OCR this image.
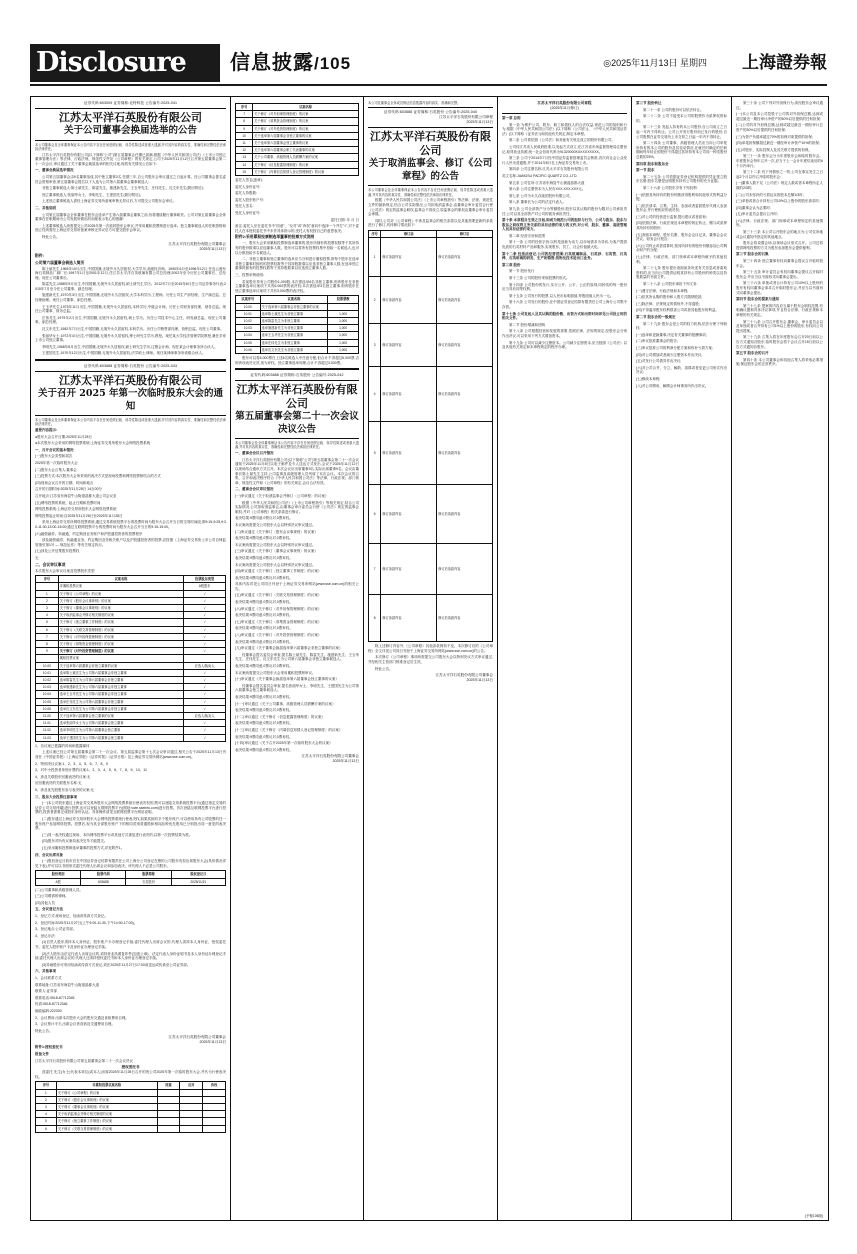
Disclosure	信息披露/105	◎2025年11月13日 星期四 上海證券報
证券代码:603009 证券简称:北特科技 公告编号:2025-041
江苏太平洋石英股份有限公司
关于公司董事会换届选举的公告

本公司董事会及全体董事保证本公告内容不存在任何虚假记载、误导性陈述或者重大遗漏,并对其内容的真实性、准确性和完整性依法承担法律责任。

江苏太平洋石英股份有限公司(以下简称"公司")第五届董事会任期已届满,根据《中华人民共和国公司法》《上市公司独立董事管理办法》等法律、行政法规、规范性文件及《公司章程》的有关规定,公司于2025年11月12日召开第五届董事会第二十一次会议,审议通过了关于董事会换届选举的相关议案,现将有关情况公告如下:

一、董事会换届选举情况

公司第五届董事会由9名董事组成,其中独立董事3名,任期三年,自公司股东会审议通过之日起计算。经公司董事会提名委员会资格审查,第五届董事会提名以下人选为公司第六届董事会董事候选人:

非独立董事候选人:陈士斌先生、陈雷先生、施建新先生、王玉华先生、庄伟先生、沈文东先生(简历附后);

独立董事候选人:张丽华女士、李明先生、王建国先生(简历附后)。

上述独立董事候选人需经上海证券交易所备案审核无异议后,方可提交公司股东会审议。

二、其他说明

公司第五届董事会全体董事在股东会选举产生第六届董事会董事之前,仍将继续履行董事职责。公司对第五届董事会全体董事在任职期间为公司发展所做出的贡献表示衷心的感谢!

上述董事候选人尚需提交公司2025年第一次临时股东会审议,并采用累积投票制进行选举。独立董事候选人的任职资格和独立性尚需经上海证券交易所备案审核无异议后方可提交股东会审议。

特此公告。

江苏太平洋石英股份有限公司董事会
2025年11月13日
附件:
公司第六届董事会候选人简历

陈士斌先生,1965年10月出生,中国国籍,无境外永久居留权,大学学历,高级经济师。1990年6月至1996年12月,任连云港东海石英制品厂副厂长;1997年1月至2001年12月,任江苏太平洋石英玻璃有限公司总经理;2002年至今历任公司董事长、总经理。现任公司董事长。

陈雷先生,1988年5月出生,中国国籍,无境外永久居留权,硕士研究生学历。2012年7月至2015年6月任公司证券事务代表;2015年7月至今任公司董事、副总经理。

施建新先生,1970年3月出生,中国国籍,无境外永久居留权,大学本科学历,工程师。历任公司生产部经理、生产副总监、总经理助理。现任公司董事、副总经理。

王玉华先生,1975年11月出生,中国国籍,无境外永久居留权,本科学历,中级会计师。历任公司财务部经理、财务总监。现任公司董事、财务总监。

庄伟先生,1979年2月出生,中国国籍,无境外永久居留权,硕士学历。历任公司技术中心主任、研发副总监。现任公司董事、副总经理。

沈文东先生,1982年7月出生,中国国籍,无境外永久居留权,本科学历。历任公司销售部经理、营销总监。现任公司董事。

张丽华女士,1972年4月出生,中国国籍,无境外永久居留权,博士研究生学历,教授。现任某大学经济管理学院教授,兼任多家上市公司独立董事。

李明先生,1968年8月出生,中国国籍,无境外永久居留权,硕士研究生学历,注册会计师。现任某会计师事务所合伙人。

王建国先生,1970年12月出生,中国国籍,无境外永久居留权,法学硕士,律师。现任某律师事务所高级合伙人。

证券代码:603688 证券简称:石英股份 公告编号:2025-043
江苏太平洋石英股份有限公司
关于召开 2025 年第一次临时股东大会的通知

本公司董事会及全体董事保证本公告内容不存在任何虚假记载、误导性陈述或者重大遗漏,并对其内容的真实性、准确性和完整性依法承担法律责任。

重要内容提示:

●股东大会召开日期:2025年11月28日

●本次股东大会采用的网络投票系统:上海证券交易所股东大会网络投票系统

一、召开会议的基本情况

(一)股东大会类型和届次

2025年第一次临时股东大会

(二)股东大会召集人:董事会

(三)投票方式:本次股东大会所采用的表决方式是现场投票和网络投票相结合的方式

(四)现场会议召开的日期、时间和地点

召开的日期时间:2025年11月28日 14点00分

召开地点:江苏省东海县牛山街道晶都大道公司会议室

(五)网络投票的系统、起止日期和投票时间

网络投票系统:上海证券交易所股东大会网络投票系统

网络投票起止时间:自2025年11月28日至2025年11月28日

采用上海证券交易所网络投票系统,通过交易系统投票平台的投票时间为股东大会召开当日的交易时间段,即9:15-9:25,9:30-11:30,13:00-15:00;通过互联网投票平台的投票时间为股东大会召开当日的9:15-15:00。

(六)融资融券、转融通、约定购回业务账户和沪股通投资者的投票程序

涉及融资融券、转融通业务、约定购回业务相关账户以及沪股通投资者的投票,应按照《上海证券交易所上市公司自律监管指引第1号 — 规范运作》等有关规定执行。

(七)涉及公开征集股东投票权

无

二、会议审议事项

本次股东大会审议议案及投票股东类型

序号	议案名称	投票股东类型
	非累积投票议案	A股股东
1	关于修订《公司章程》的议案	√
2	关于修订《股东会议事规则》的议案	√
3	关于修订《董事会议事规则》的议案	√
4	关于取消监事会并修订相关制度的议案	√
5	关于修订《独立董事工作制度》的议案	√
6	关于修订《关联交易管理制度》的议案	√
7	关于修订《对外担保管理制度》的议案	√
8	关于修订《募集资金管理制度》的议案	√
9	关于修订《对外投资管理制度》的议案	√
	累积投票议案	
10.00	关于选举第六届董事会非独立董事的议案	应选人数(6)人
10.01	选举陈士斌先生为公司第六届董事会非独立董事	√
10.02	选举陈雷先生为公司第六届董事会非独立董事	√
10.03	选举施建新先生为公司第六届董事会非独立董事	√
10.04	选举王玉华先生为公司第六届董事会非独立董事	√
10.05	选举庄伟先生为公司第六届董事会非独立董事	√
10.06	选举沈文东先生为公司第六届董事会非独立董事	√
11.00	关于选举第六届董事会独立董事的议案	应选人数(3)人
11.01	选举张丽华女士为公司第六届董事会独立董事	√
11.02	选举李明先生为公司第六届董事会独立董事	√
11.03	选举王建国先生为公司第六届董事会独立董事	√

1、各议案已披露的时间和披露媒体

上述议案已经公司第五届董事会第二十一次会议、第五届监事会第十七次会议审议通过,相关公告于2025年11月13日刊登在《中国证券报》《上海证券报》《证券时报》《证券日报》及上海证券交易所网站(www.sse.com.cn)。

2、特别决议议案:1、2、3、4、5、6、7、8、9

3、对中小投资者单独计票的议案:1、2、3、4、5、6、7、8、9、10、11

4、涉及关联股东回避表决的议案:无

应回避表决的关联股东名称:无

5、涉及优先股股东参与表决的议案:无

三、股东大会投票注意事项

(一)本公司股东通过上海证券交易所股东大会网络投票系统行使表决权的,既可以登陆交易系统投票平台(通过指定交易的证券公司交易终端)进行投票,也可以登陆互联网投票平台(网址:vote.sseinfo.com)进行投票。首次登陆互联网投票平台进行投票的,投资者需要完成股东身份认证。具体操作请见互联网投票平台网站说明。

(二)股东通过上海证券交易所股东大会网络投票系统行使表决权,如果其拥有多个股东账户,可以使用持有公司股票的任一股东账户参加网络投票。投票后,视为其全部股东账户下的相同类别普通股和相同品种优先股均已分别投出同一意见的表决票。

(三)同一表决权通过现场、本所网络投票平台或其他方式重复进行表决的,以第一次投票结果为准。

(四)股东对所有议案均表决完毕才能提交。

(五)采用累积投票制选举董事的投票方式,详见附件1。

四、会议出席对象

(一)股权登记日收市后在中国证券登记结算有限责任公司上海分公司登记在册的公司股东有权出席股东大会(具体情况详见下表),并可以以书面形式委托代理人出席会议和参加表决。该代理人不必是公司股东。

股份类别	股票代码	股票简称	股权登记日
A股	603688	石英股份	2025/11/21

(二)公司董事和高级管理人员。

(三)公司聘请的律师。

(四)其他人员

五、会议登记方法

1、登记方式:现场登记、信函或传真方式登记。

2、登记时间:2025年11月27日(上午9:00-11:30,下午14:00-17:00)。

3、登记地点:公司证券部。

4、登记办法:

(1)自然人股东须持本人身份证、股东账户卡办理登记手续;委托代理人出席会议的,代理人须持本人身份证、授权委托书、委托人股东账户卡及身份证办理登记手续。

(2)法人股东由法定代表人出席会议的,须持营业执照复印件(加盖公章)、法定代表人身份证明书及本人身份证办理登记手续;委托代理人出席会议的,代理人还须持授权委托书和本人身份证办理登记手续。

(3)异地股东可采用信函或传真方式登记,须在2025年11月27日17:00前送达或传真至公司证券部。

六、其他事项

1、会议联系方式

联系地址:江苏省东海县牛山街道晶都大道

联系人:证券部

联系电话:0518-87712345

传真:0518-87712346

邮政编码:222300

2、会议费用:出席本次股东大会的股东交通及食宿费用自理。

3、会议预计半天,出席会议者食宿及交通费用自理。

特此公告。

江苏太平洋石英股份有限公司董事会
2025年11月13日

附件1:授权委托书

报备文件

江苏太平洋石英股份有限公司第五届董事会第二十一次会议决议

授权委托书

兹委托 先生(女士)代表本单位(或本人)出席2025年11月28日召开的贵公司2025年第一次临时股东大会,并代为行使表决权。

序号	非累积投票议案名称	同意	反对	弃权
1	关于修订《公司章程》的议案			
2	关于修订《股东会议事规则》的议案			
3	关于修订《董事会议事规则》的议案			
4	关于取消监事会并修订相关制度的议案			
5	关于修订《独立董事工作制度》的议案			
6	关于修订《关联交易管理制度》的议案			
序号	议案名称
7	关于修订《对外担保管理制度》的议案
8	关于修订《募集资金管理制度》的议案
9	关于修订《对外投资管理制度》的议案
10	关于选举第六届董事会非独立董事的议案
11	关于选举第六届董事会独立董事的议案
12	关于选举第六届董事会职工代表董事的议案
13	关于公司董事、高级管理人员薪酬方案的议案
14	关于修订《信息披露管理制度》的议案
15	关于修订《内幕信息知情人登记管理制度》的议案

委托人签名(盖章):

委托人身份证号:

委托人持股数:

委托人股东账户号:

受托人签名:

受托人身份证号:

委托日期: 年 月 日

备注:委托人应在委托书中"同意"、"反对"或"弃权"意向中选择一个并打"√",对于委托人在本授权委托书中未作具体指示的,受托人有权按自己的意思表决。

附件2:采用累积投票制选举董事的投票方式说明

一、股东大会采用累积投票制选举董事的,股东所拥有的投票权数等于其所持有的股份数乘以应选董事人数。股东可以将所有投票权集中投给一名候选人,也可以分散投给多名候选人。

二、非独立董事和独立董事的选举应当分别进行累积投票,即每个股东在选举非独立董事时拥有的投票权数等于其持股数乘以应选非独立董事人数;在选举独立董事时拥有的投票权数等于其持股数乘以应选独立董事人数。

三、投票举例说明:

若某股东持有公司股份1,000股,本次需选举6名非独立董事,则该股东在非独立董事选举议案项下共有6,000票的表决权;本次需选举3名独立董事,则该股东在独立董事选举议案项下共有3,000票的表决权。

议案序号	议案名称	投票票数
10.00	关于选举第六届董事会非独立董事的议案	
10.01	选举陈士斌先生为非独立董事	1,000
10.02	选举陈雷先生为非独立董事	1,000
10.03	选举施建新先生为非独立董事	1,000
10.04	选举王玉华先生为非独立董事	1,000
10.05	选举庄伟先生为非独立董事	1,000
10.06	选举沈文东先生为非独立董事	1,000

股东可以将6,000票在上述6名候选人中任意分配,但合计不得超过6,000票,否则该项表决无效,视为弃权。独立董事选举同理,合计不得超过3,000票。

证券代码:603688 证券简称:石英股份 公告编号:2025-042
江苏太平洋石英股份有限公司
第五届董事会第二十一次会议决议公告

本公司董事会及全体董事保证本公告内容不存在任何虚假记载、误导性陈述或者重大遗漏,并对其内容的真实性、准确性和完整性依法承担法律责任。

一、董事会会议召开情况

江苏太平洋石英股份有限公司(以下简称"公司")第五届董事会第二十一次会议通知于2025年11月8日以电子邮件及专人送达方式发出,会议于2025年11月12日以现场结合通讯方式召开。本次会议应出席董事9名,实际出席董事9名。会议由董事长陈士斌先生主持,公司监事及高级管理人员列席了本次会议。本次会议的召集、召开和表决程序符合《中华人民共和国公司法》等法律、行政法规、部门规章、规范性文件和《公司章程》的有关规定,会议合法有效。

二、董事会会议审议情况

(一)审议通过《关于取消监事会并修订〈公司章程〉的议案》

根据《中华人民共和国公司法》《上市公司章程指引》等相关规定,结合公司实际情况,公司拟取消监事会,由董事会审计委员会行使《公司法》规定的监事会职权,并对《公司章程》相关条款进行修订。

表决结果:9票同意,0票反对,0票弃权。

本议案尚需提交公司股东大会以特别决议审议通过。

(二)审议通过《关于修订〈股东会议事规则〉的议案》

表决结果:9票同意,0票反对,0票弃权。

本议案尚需提交公司股东大会以特别决议审议通过。

(三)审议通过《关于修订〈董事会议事规则〉的议案》

表决结果:9票同意,0票反对,0票弃权。

本议案尚需提交公司股东大会以特别决议审议通过。

(四)审议通过《关于修订〈独立董事工作制度〉的议案》

表决结果:9票同意,0票反对,0票弃权。

具体内容详见公司同日刊登于上海证券交易所网站(www.sse.com.cn)的相关公告。

(五)审议通过《关于修订〈关联交易管理制度〉的议案》

表决结果:9票同意,0票反对,0票弃权。

(六)审议通过《关于修订〈对外担保管理制度〉的议案》

表决结果:9票同意,0票反对,0票弃权。

(七)审议通过《关于修订〈募集资金管理制度〉的议案》

表决结果:9票同意,0票反对,0票弃权。

(八)审议通过《关于修订〈对外投资管理制度〉的议案》

表决结果:9票同意,0票反对,0票弃权。

(九)审议通过《关于董事会换届选举第六届董事会非独立董事的议案》

经董事会提名委员会审查,提名陈士斌先生、陈雷先生、施建新先生、王玉华先生、庄伟先生、沈文东先生为公司第六届董事会非独立董事候选人。

表决结果:9票同意,0票反对,0票弃权。

本议案尚需提交公司股东大会采用累积投票制审议。

(十)审议通过《关于董事会换届选举第六届董事会独立董事的议案》

经董事会提名委员会审查,提名张丽华女士、李明先生、王建国先生为公司第六届董事会独立董事候选人。

表决结果:9票同意,0票反对,0票弃权。

(十一)审议通过《关于公司董事、高级管理人员薪酬方案的议案》

表决结果:9票同意,0票反对,0票弃权。

(十二)审议通过《关于修订〈信息披露管理制度〉的议案》

表决结果:9票同意,0票反对,0票弃权。

(十三)审议通过《关于修订〈内幕信息知情人登记管理制度〉的议案》

表决结果:9票同意,0票反对,0票弃权。

(十四)审议通过《关于召开2025年第一次临时股东大会的议案》

表决结果:9票同意,0票反对,0票弃权。

江苏太平洋石英股份有限公司董事会
2025年11月13日

本公司及董事会全体成员保证信息披露内容的真实、准确和完整。

证券代码:603688 证券简称:石英股份 公告编号:2025-040
江苏太平洋石英股份有限公司章程
2025年11月13日
江苏太平洋石英股份有限公司
关于取消监事会、修订《公司章程》的公告

本公司董事会及全体董事保证本公告内容不存在任何虚假记载、误导性陈述或者重大遗漏,并对其内容的真实性、准确性和完整性依法承担法律责任。

根据《中华人民共和国公司法》《上市公司章程指引》等法律、法规、规范性文件的最新规定,结合公司实际情况,公司拟取消监事会,由董事会审计委员会行使《公司法》规定的监事会职权,监事会不再设立,原监事会的职权由董事会审计委员会承继。

同时,公司对《公司章程》中涉及监事会的相关条款以及其他需要更新的条款进行了修订,具体修订情况如下:

序号	修订前	修订后
1	修订条款内容	修订后条款内容
2	修订条款内容	修订后条款内容
3	修订条款内容	修订后条款内容
4	修订条款内容	修订后条款内容
5	修订条款内容	修订后条款内容
6	修订条款内容	修订后条款内容
7	修订条款内容	修订后条款内容
8	修订条款内容	修订后条款内容

除上述修订内容外,《公司章程》其他条款保持不变。本次修订后的《公司章程》全文详见公司同日刊登于上海证券交易所网站(www.sse.com.cn)的公告。

本次修订《公司章程》事项尚需提交公司股东大会以特别决议方式审议通过,并经相关主管部门核准登记后生效。

特此公告。

江苏太平洋石英股份有限公司董事会
2025年11月13日
江苏太平洋石英股份有限公司章程
(2025年11月修订)

第一章 总则

第一条 为维护公司、股东、职工和债权人的合法权益,规范公司的组织和行为,根据《中华人民共和国公司法》(以下简称《公司法》)、《中华人民共和国证券法》(以下简称《证券法》)和其他有关规定,制定本章程。

第二条 公司系依照《公司法》和其他有关规定成立的股份有限公司。

公司经江苏省人民政府批准,以发起方式设立;在江苏省市场监督管理局注册登记,取得营业执照,统一社会信用代码为91320000XXXXXXXXXX。

第三条 公司于2014年7月经中国证券监督管理委员会核准,首次向社会公众发行人民币普通股,并于2014年8月在上海证券交易所上市。

第四条 公司注册名称:江苏太平洋石英股份有限公司

英文名称:JIANGSU PACIFIC QUARTZ CO.,LTD.

第五条 公司住所:江苏省东海县牛山街道晶都大道

第六条 公司注册资本为人民币XXX,XXX,XXX元。

第七条 公司为永久存续的股份有限公司。

第八条 董事长为公司的法定代表人。

第九条 公司全部资产分为等额股份,股东以其认购的股份为限对公司承担责任,公司以其全部资产对公司的债务承担责任。

第十条 本章程自生效之日起,即成为规范公司的组织与行为、公司与股东、股东与股东之间权利义务关系的具有法律约束力的文件,对公司、股东、董事、高级管理人员具有法律约束力。

第二章 经营宗旨和范围

第十一条 公司的经营宗旨:以科技创新为动力,以市场需求为导向,为客户提供优质的石英材料产品和服务,实现股东、员工、社会价值最大化。

第十二条 经依法登记,公司的经营范围:石英玻璃制品、石英砂、石英管、石英棒、石英坩埚的研发、生产和销售;货物及技术进出口业务。

第三章 股份

第一节 股份发行

第十三条 公司的股份采取股票的形式。

第十四条 公司股份的发行,实行公开、公平、公正的原则,同种类的每一股份应当具有同等权利。

第十五条 公司发行的股票,以人民币标明面值,每股面值人民币一元。

第十六条 公司发行的股份,在中国证券登记结算有限责任公司上海分公司集中存管。

第十七条 公司发起人及其认购的股份数、出资方式和出资时间详见公司设立时的相关文件。

第二节 股份增减和回购

第十八条 公司根据经营和发展的需要,依照法律、法规的规定,经股东会分别作出决议,可以采用下列方式增加资本。

第十九条 公司可以减少注册资本。公司减少注册资本,应当按照《公司法》以及其他有关规定和本章程规定的程序办理。

第三节 股份转让

第二十一条 公司的股份可以依法转让。

第二十二条 公司不接受本公司的股票作为质押权的标的。

第二十三条 发起人持有的本公司股份,自公司成立之日起一年内不得转让。公司公开发行股份前已发行的股份,自公司股票在证券交易所上市交易之日起一年内不得转让。

第二十四条 公司董事、高级管理人员应当向公司申报所持有的本公司的股份及其变动情况,在就任时确定的任职期间每年转让的股份不得超过其所持有本公司同一种类股份总数的25%。

第四章 股东和股东会

第一节 股东

第二十五条 公司依据证券登记机构提供的凭证建立股东名册,股东名册是证明股东持有公司股份的充分证据。

第二十六条 公司股东享有下列权利:

(一)依照其所持有的股份份额获得股利和其他形式的利益分配;

(二)依法请求、召集、主持、参加或者委派股东代理人参加股东会,并行使相应的表决权;

(三)对公司的经营进行监督,提出建议或者质询;

(四)依照法律、行政法规及本章程的规定转让、赠与或质押其所持有的股份;

(五)查阅本章程、股东名册、股东会会议记录、董事会会议决议、财务会计报告;

(六)公司终止或者清算时,按其所持有的股份份额参加公司剩余财产的分配;

(七)法律、行政法规、部门规章或本章程所赋予的其他权利。

第二十七条 股东提出查阅前条所述有关信息或者索取资料的,应当向公司提供证明其持有公司股份的种类以及持股数量的书面文件。

第二十八条 公司股东承担下列义务:

(一)遵守法律、行政法规和本章程;

(二)依其所认购的股份和入股方式缴纳股款;

(三)除法律、法规规定的情形外,不得退股;

(四)不得滥用股东权利损害公司或者其他股东的利益。

第二节 股东会的一般规定

第二十九条 股东会是公司的权力机构,依法行使下列职权:

(一)选举和更换董事,决定有关董事的报酬事项;

(二)审议批准董事会的报告;

(三)审议批准公司的利润分配方案和弥补亏损方案;

(四)对公司增加或者减少注册资本作出决议;

(五)对发行公司债券作出决议;

(六)对公司合并、分立、解散、清算或者变更公司形式作出决议;

(七)修改本章程;

(八)对公司聘用、解聘会计师事务所作出决议。

第三十条 公司下列对外担保行为,须经股东会审议通过。

(一)本公司及本公司控股子公司的对外担保总额,达到或超过最近一期经审计净资产的50%以后提供的任何担保;

(二)公司的对外担保总额,达到或超过最近一期经审计总资产的30%以后提供的任何担保;

(三)为资产负债率超过70%的担保对象提供的担保;

(四)单笔担保额超过最近一期经审计净资产10%的担保;

(五)对股东、实际控制人及其关联方提供的担保。

第三十一条 股东会分为年度股东会和临时股东会。年度股东会每年召开一次,应当于上一会计年度结束后的6个月内举行。

第三十二条 有下列情形之一的,公司在事实发生之日起2个月以内召开临时股东会:

(一)董事人数不足《公司法》规定人数或者本章程所定人数的2/3时;

(二)公司未弥补的亏损达实收股本总额1/3时;

(三)单独或者合计持有公司10%以上股份的股东请求时;

(四)董事会认为必要时;

(五)审计委员会提议召开时;

(六)法律、行政法规、部门规章或本章程规定的其他情形。

第三十三条 本公司召开股东会的地点为:公司住所地或会议通知中指定的其他地点。

股东会将设置会场,以现场会议形式召开。公司还将提供网络投票的方式为股东参加股东会提供便利。

第三节 股东会的召集

第三十四条 独立董事有权向董事会提议召开临时股东会。

第三十五条 审计委员会有权向董事会提议召开临时股东会,并应当以书面形式向董事会提出。

第三十六条 单独或者合计持有公司10%以上股份的股东有权向董事会请求召开临时股东会,并应当以书面形式向董事会提出。

第四节 股东会的提案与通知

第三十七条 提案的内容应当属于股东会职权范围,有明确议题和具体决议事项,并且符合法律、行政法规和本章程的有关规定。

第三十八条 公司召开股东会,董事会、审计委员会以及单独或者合并持有公司1%以上股份的股东,有权向公司提出提案。

第三十九条 召集人将在年度股东会召开20日前以公告方式通知各股东,临时股东会将于会议召开15日前以公告方式通知各股东。

第五节 股东会的召开

第四十条 本公司董事会和其他召集人将采取必要措施,保证股东会的正常秩序。

(予報106版)
